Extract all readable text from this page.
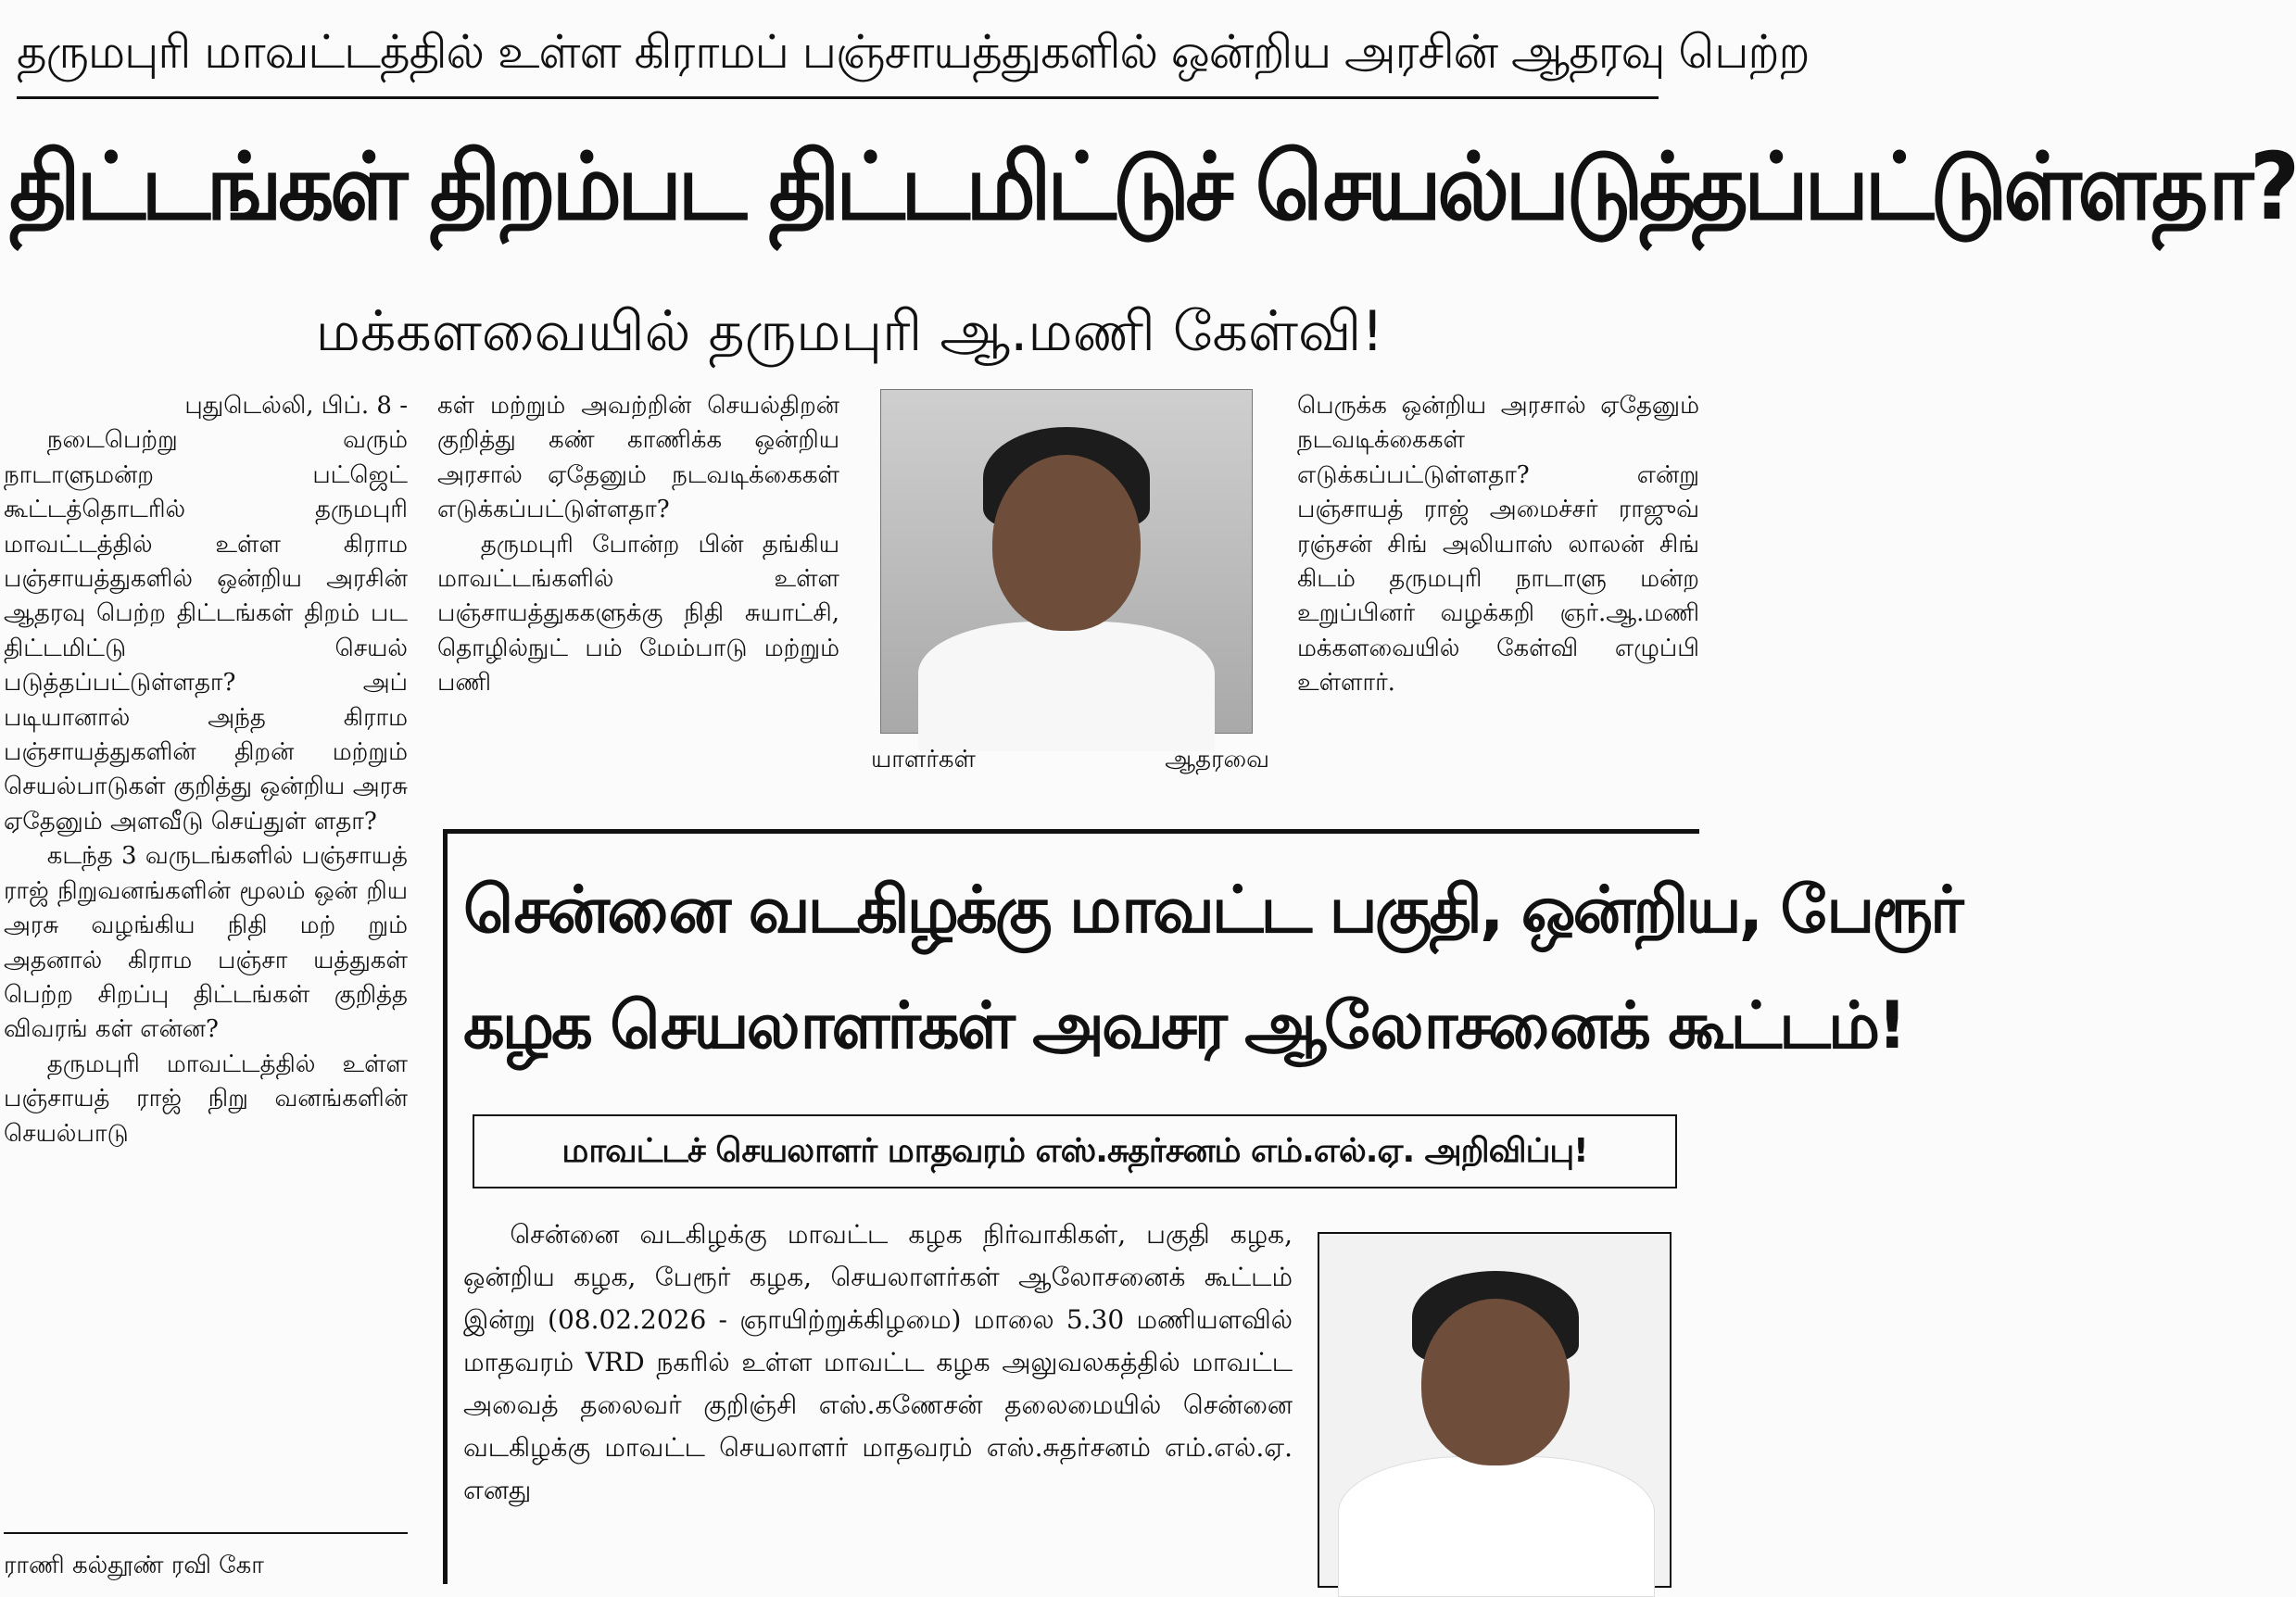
தருமபுரி மாவட்டத்தில் உள்ள கிராமப் பஞ்சாயத்துகளில் ஒன்றிய அரசின் ஆதரவு பெற்ற
திட்டங்கள் திறம்பட திட்டமிட்டுச் செயல்படுத்தப்பட்டுள்ளதா?
மக்களவையில் தருமபுரி ஆ.மணி கேள்வி!
புதுடெல்லி, பிப். 8 -

நடைபெற்று வரும் நாடாளுமன்ற பட்ஜெட் கூட்டத்தொடரில் தருமபுரி மாவட்டத்தில் உள்ள கிராம பஞ்சாயத்துகளில் ஒன்றிய அரசின் ஆதரவு பெற்ற திட்டங்கள் திறம் பட திட்டமிட்டு செயல் படுத்தப்பட்டுள்ளதா? அப் படியானால் அந்த கிராம பஞ்சாயத்துகளின் திறன் மற்றும் செயல்பாடுகள் குறித்து ஒன்றிய அரசு ஏதேனும் அளவீடு செய்துள் ளதா?

கடந்த 3 வருடங்களில் பஞ்சாயத் ராஜ் நிறுவனங்களின் மூலம் ஒன் றிய அரசு வழங்கிய நிதி மற் றும் அதனால் கிராம பஞ்சா யத்துகள் பெற்ற சிறப்பு திட்டங்கள் குறித்த விவரங் கள் என்ன?

தருமபுரி மாவட்டத்தில் உள்ள பஞ்சாயத் ராஜ் நிறு வனங்களின் செயல்பாடு

கள் மற்றும் அவற்றின் செயல்திறன் குறித்து கண் காணிக்க ஒன்றிய அரசால் ஏதேனும் நடவடிக்கைகள் எடுக்கப்பட்டுள்ளதா?

தருமபுரி போன்ற பின் தங்கிய மாவட்டங்களில் உள்ள பஞ்சாயத்துககளுக்கு நிதி சுயாட்சி, தொழில்நுட் பம் மேம்பாடு மற்றும் பணி

யாளர்கள்	ஆதரவை

பெருக்க ஒன்றிய அரசால் ஏதேனும் நடவடிக்கைகள் எடுக்கப்பட்டுள்ளதா? என்று பஞ்சாயத் ராஜ் அமைச்சர் ராஜுவ் ரஞ்சன் சிங் அலியாஸ் லாலன் சிங் கிடம் தருமபுரி நாடாளு மன்ற உறுப்பினர் வழக்கறி ஞர்.ஆ.மணி மக்களவையில் கேள்வி எழுப்பி உள்ளார்.

ராணி கல்தூண் ரவி கோ
சென்னை வடகிழக்கு மாவட்ட பகுதி, ஒன்றிய, பேரூர்
கழக செயலாளர்கள் அவசர ஆலோசனைக் கூட்டம்!
மாவட்டச் செயலாளர் மாதவரம் எஸ்.சுதர்சனம் எம்.எல்.ஏ. அறிவிப்பு!

சென்னை வடகிழக்கு மாவட்ட கழக நிர்வாகிகள், பகுதி கழக, ஒன்றிய கழக, பேரூர் கழக, செயலாளர்கள் ஆலோசனைக் கூட்டம் இன்று (08.02.2026 - ஞாயிற்றுக்கிழமை) மாலை 5.30 மணியளவில் மாதவரம் VRD நகரில் உள்ள மாவட்ட கழக அலுவலகத்தில் மாவட்ட அவைத் தலைவர் குறிஞ்சி எஸ்.கணேசன் தலைமையில் சென்னை வடகிழக்கு மாவட்ட செயலாளர் மாதவரம் எஸ்.சுதர்சனம் எம்.எல்.ஏ. எனது
